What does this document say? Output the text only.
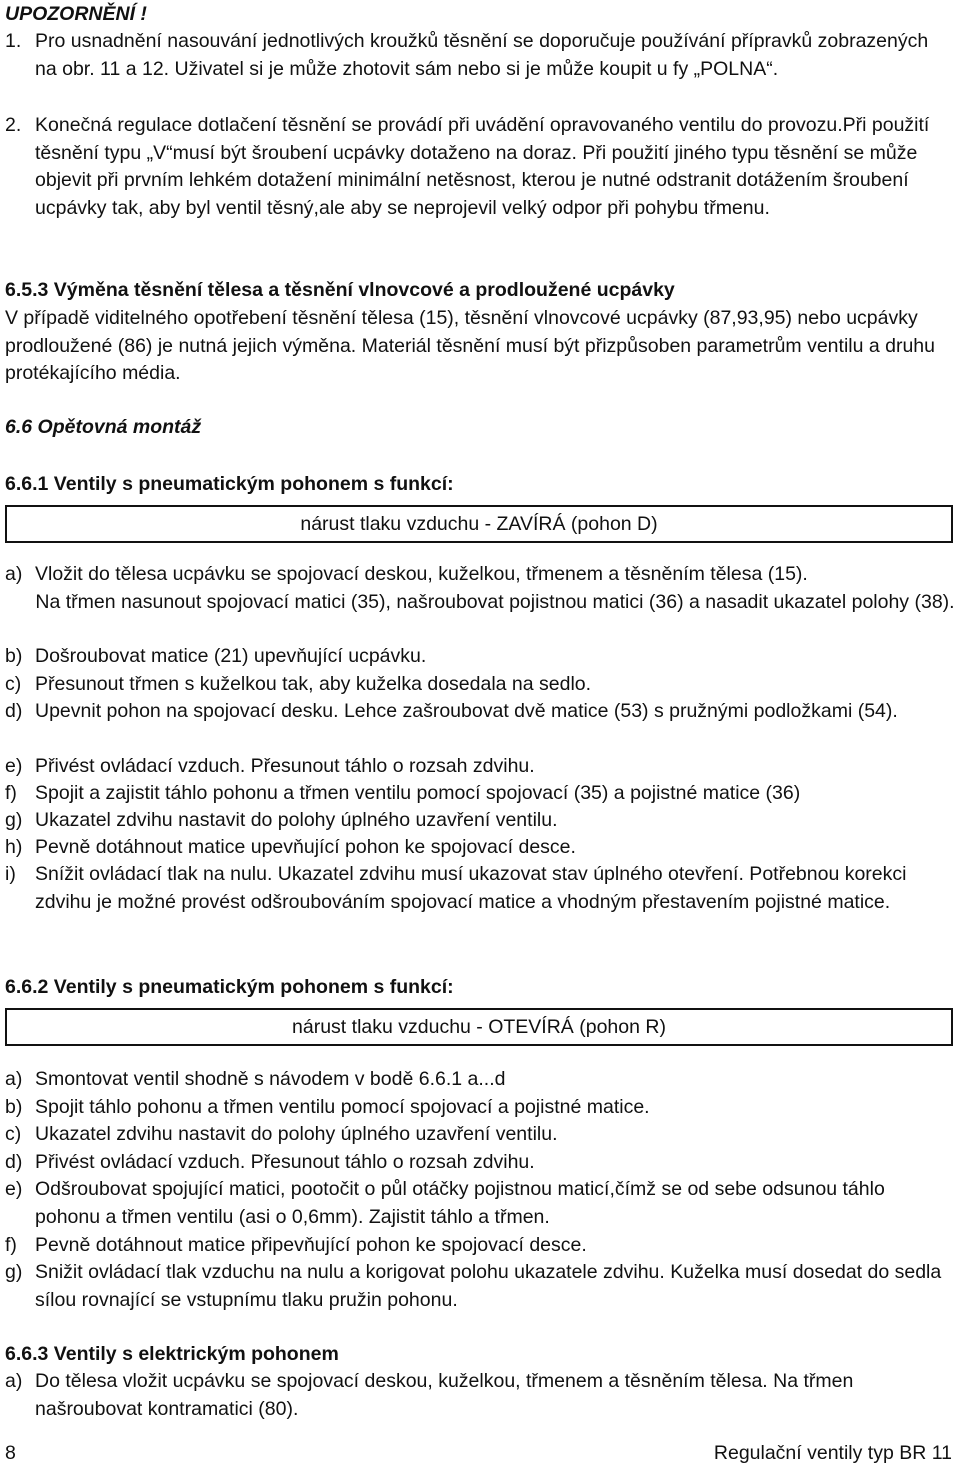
UPOZORNĚNÍ !
1. Pro usnadnění nasouvání jednotlivých kroužků těsnění se doporučuje používání přípravků zobrazených na obr. 11 a 12. Uživatel si je může zhotovit sám nebo si je může koupit u fy „POLNA“.
2. Konečná regulace dotlačení těsnění se provádí při uvádění opravovaného ventilu do provozu.Při použití těsnění typu „V“musí být šroubení ucpávky dotaženo na doraz. Při použití jiného typu těsnění se může objevit při prvním lehkém dotažení minimální netěsnost, kterou je nutné odstranit dotážením šroubení ucpávky tak, aby byl ventil těsný,ale aby se neprojevil velký odpor při pohybu třmenu.
6.5.3 Výměna těsnění tělesa a těsnění vlnovcové a prodloužené ucpávky
V případě viditelného opotřebení těsnění tělesa (15), těsnění vlnovcové ucpávky (87,93,95) nebo ucpávky prodloužené (86) je nutná jejich výměna. Materiál těsnění musí být přizpůsoben parametrům ventilu a druhu protékajícího média.
6.6 Opětovná montáž
6.6.1 Ventily s pneumatickým pohonem s funkcí:
nárust tlaku vzduchu - ZAVÍRÁ (pohon D)
a) Vložit do tělesa ucpávku se spojovací deskou, kuželkou, třmenem a těsněním tělesa (15).
Na třmen nasunout spojovací matici (35), našroubovat pojistnou matici (36) a nasadit ukazatel polohy (38).
b) Došroubovat matice (21) upevňující ucpávku.
c) Přesunout třmen s kuželkou tak, aby kuželka dosedala na sedlo.
d) Upevnit pohon na spojovací desku. Lehce zašroubovat dvě matice (53) s pružnými podložkami (54).
e) Přivést ovládací vzduch. Přesunout táhlo o rozsah zdvihu.
f) Spojit a zajistit táhlo pohonu a třmen ventilu pomocí spojovací (35) a pojistné matice (36)
g) Ukazatel zdvihu nastavit do polohy úplného uzavření ventilu.
h) Pevně dotáhnout matice upevňující pohon ke spojovací desce.
i) Snížit ovládací tlak na nulu. Ukazatel zdvihu musí ukazovat stav úplného otevření. Potřebnou korekci zdvihu je možné provést odšroubováním spojovací matice a vhodným přestavením pojistné matice.
6.6.2 Ventily s pneumatickým pohonem s funkcí:
nárust tlaku vzduchu - OTEVÍRÁ (pohon R)
a) Smontovat ventil shodně s návodem v bodě 6.6.1 a...d
b) Spojit táhlo pohonu a třmen ventilu pomocí spojovací a pojistné matice.
c) Ukazatel zdvihu nastavit do polohy úplného uzavření ventilu.
d) Přivést ovládací vzduch. Přesunout táhlo o rozsah zdvihu.
e) Odšroubovat spojující matici, pootočit o půl otáčky pojistnou maticí,čímž se od sebe odsunou táhlo pohonu a třmen ventilu (asi o 0,6mm). Zajistit táhlo a třmen.
f) Pevně dotáhnout matice připevňující pohon ke spojovací desce.
g) Snižit ovládací tlak vzduchu na nulu a korigovat polohu ukazatele zdvihu. Kuželka musí dosedat do sedla sílou rovnající se vstupnímu tlaku pružin pohonu.
6.6.3 Ventily s elektrickým pohonem
a) Do tělesa vložit ucpávku se spojovací deskou, kuželkou, třmenem a těsněním tělesa. Na třmen našroubovat kontramatici (80).
8	Regulační ventily typ BR 11
